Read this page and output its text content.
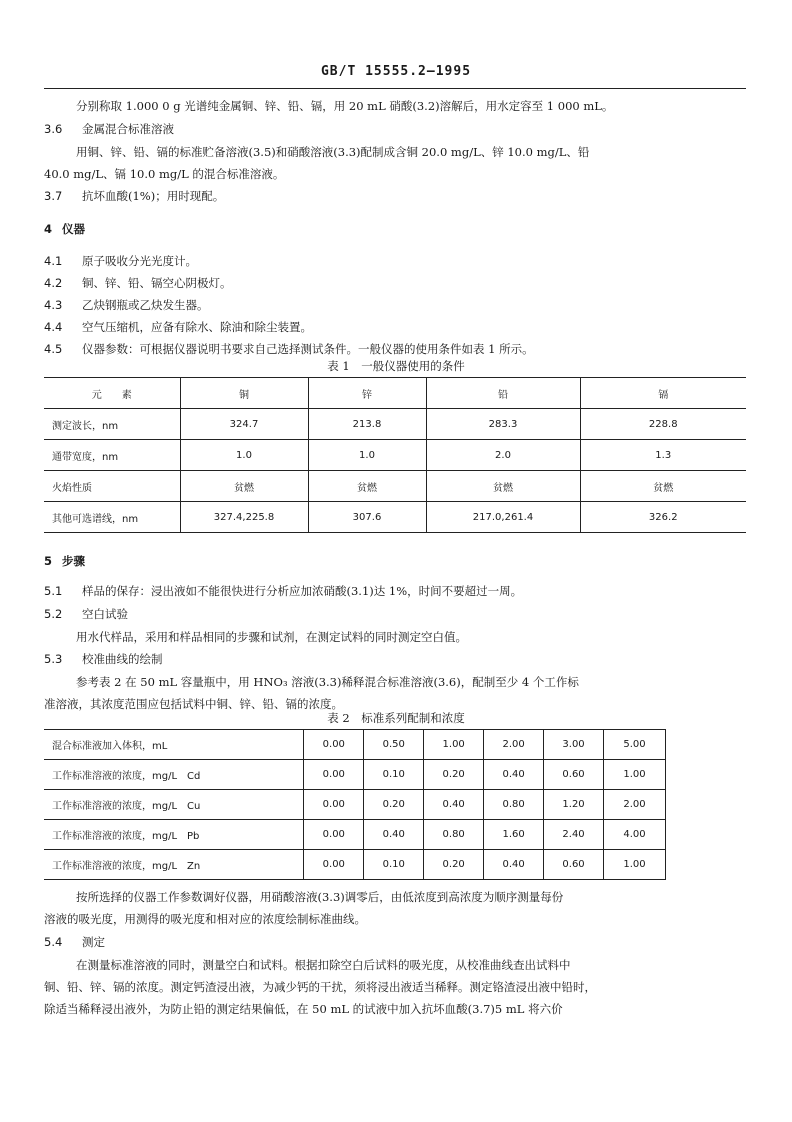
GB/T 15555.2—1995
分别称取 1.000 0 g 光谱纯金属铜、锌、铅、镉，用 20 mL 硝酸(3.2)溶解后，用水定容至 1 000 mL。
3.6 金属混合标准溶液
用铜、锌、铅、镉的标准贮备溶液(3.5)和硝酸溶液(3.3)配制成含铜 20.0 mg/L、锌 10.0 mg/L、铅
40.0 mg/L、镉 10.0 mg/L 的混合标准溶液。
3.7 抗坏血酸(1%)；用时现配。
4 仪器
4.1 原子吸收分光光度计。
4.2 铜、锌、铅、镉空心阴极灯。
4.3 乙炔钢瓶或乙炔发生器。
4.4 空气压缩机，应备有除水、除油和除尘装置。
4.5 仪器参数：可根据仪器说明书要求自己选择测试条件。一般仪器的使用条件如表 1 所示。
表 1　一般仪器使用的条件
元　　素	铜	锌	铅	镉
测定波长，nm	324.7	213.8	283.3	228.8
通带宽度，nm	1.0	1.0	2.0	1.3
火焰性质	贫燃	贫燃	贫燃	贫燃
其他可选谱线，nm	327.4,225.8	307.6	217.0,261.4	326.2
5 步骤
5.1 样品的保存：浸出液如不能很快进行分析应加浓硝酸(3.1)达 1%，时间不要超过一周。
5.2 空白试验
用水代样品，采用和样品相同的步骤和试剂，在测定试料的同时测定空白值。
5.3 校准曲线的绘制
参考表 2 在 50 mL 容量瓶中，用 HNO₃ 溶液(3.3)稀释混合标准溶液(3.6)，配制至少 4 个工作标
准溶液，其浓度范围应包括试料中铜、锌、铅、镉的浓度。
表 2　标准系列配制和浓度
混合标准液加入体积，mL	0.00	0.50	1.00	2.00	3.00	5.00
工作标准溶液的浓度，mg/L　Cd	0.00	0.10	0.20	0.40	0.60	1.00
工作标准溶液的浓度，mg/L　Cu	0.00	0.20	0.40	0.80	1.20	2.00
工作标准溶液的浓度，mg/L　Pb	0.00	0.40	0.80	1.60	2.40	4.00
工作标准溶液的浓度，mg/L　Zn	0.00	0.10	0.20	0.40	0.60	1.00
按所选择的仪器工作参数调好仪器，用硝酸溶液(3.3)调零后，由低浓度到高浓度为顺序测量每份
溶液的吸光度，用测得的吸光度和相对应的浓度绘制标准曲线。
5.4 测定
在测量标准溶液的同时，测量空白和试料。根据扣除空白后试料的吸光度，从校准曲线查出试料中
铜、铅、锌、镉的浓度。测定钙渣浸出液，为减少钙的干扰，须将浸出液适当稀释。测定铬渣浸出液中铅时，
除适当稀释浸出液外，为防止铅的测定结果偏低，在 50 mL 的试液中加入抗坏血酸(3.7)5 mL 将六价
